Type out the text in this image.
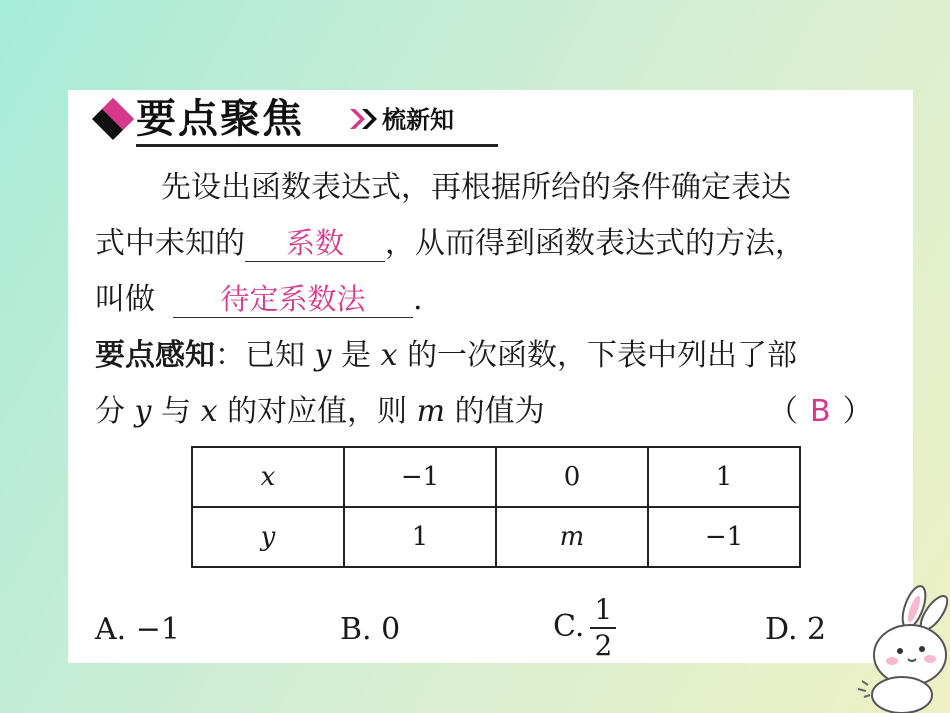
要点聚焦	梳新知
先设出函数表达式，再根据所给的条件确定表达
式中未知的 系数 ，从而得到函数表达式的方法，
叫做 待定系数法 .
要点感知：已知 y 是 x 的一次函数，下表中列出了部
分 y 与 x 的对应值，则 m 的值为	（ B ）
x	−1	0	1
y	1	m	−1
A. −1	B. 0	C. $\frac{1}{2}$	D. 2
